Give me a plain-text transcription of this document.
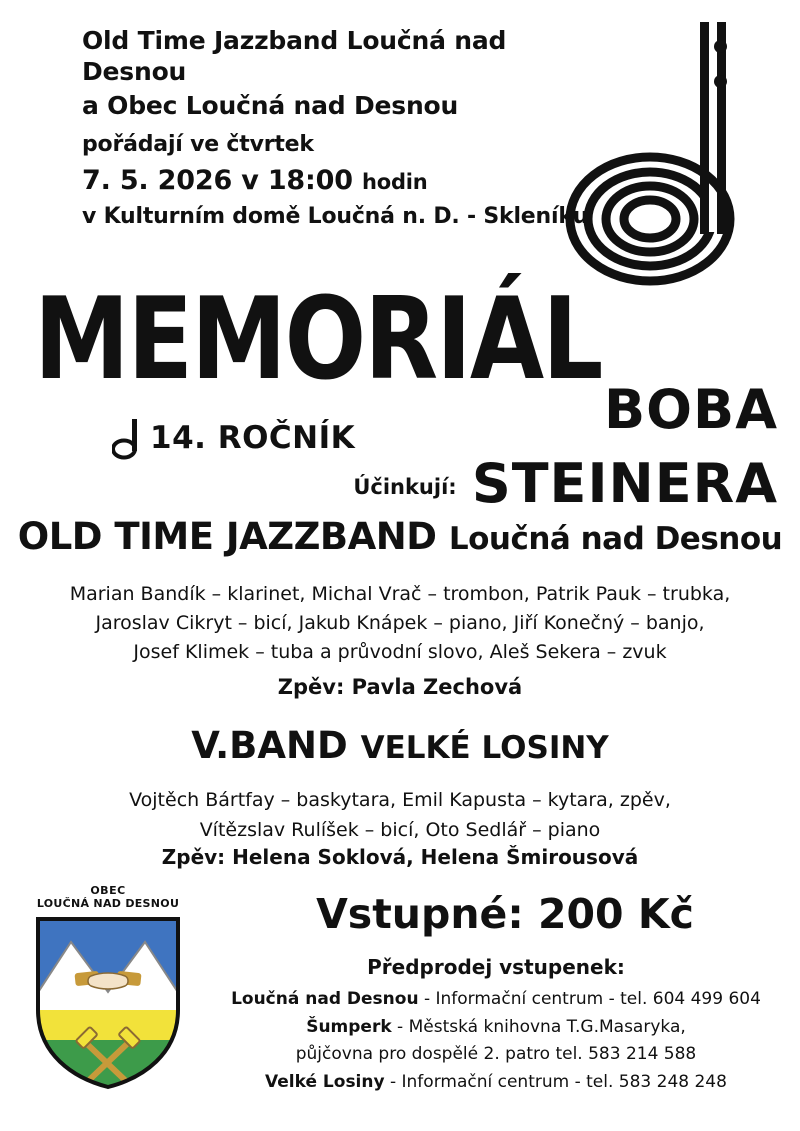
Old Time Jazzband Loučná nad Desnou
a Obec Loučná nad Desnou
pořádají ve čtvrtek
7. 5. 2026 v 18:00 hodin
v Kulturním domě Loučná n. D. - Skleníku
MEMORIÁL
14. ROČNÍK	BOBA
STEINERA
Účinkují:
OLD TIME JAZZBAND Loučná nad Desnou
Marian Bandík – klarinet, Michal Vrač – trombon, Patrik Pauk – trubka,
Jaroslav Cikryt – bicí, Jakub Knápek – piano, Jiří Konečný – banjo,
Josef Klimek – tuba a průvodní slovo, Aleš Sekera – zvuk
Zpěv: Pavla Zechová
V.BAND VELKÉ LOSINY
Vojtěch Bártfay – baskytara, Emil Kapusta – kytara, zpěv,
Vítězslav Rulíšek – bicí, Oto Sedlář – piano
Zpěv: Helena Soklová, Helena Šmirousová
Vstupné: 200 Kč
Předprodej vstupenek:
Loučná nad Desnou - Informační centrum - tel. 604 499 604
Šumperk - Městská knihovna T.G.Masaryka,
půjčovna pro dospělé 2. patro tel. 583 214 588
Velké Losiny - Informační centrum - tel. 583 248 248
OBEC
LOUČNÁ NAD DESNOU
